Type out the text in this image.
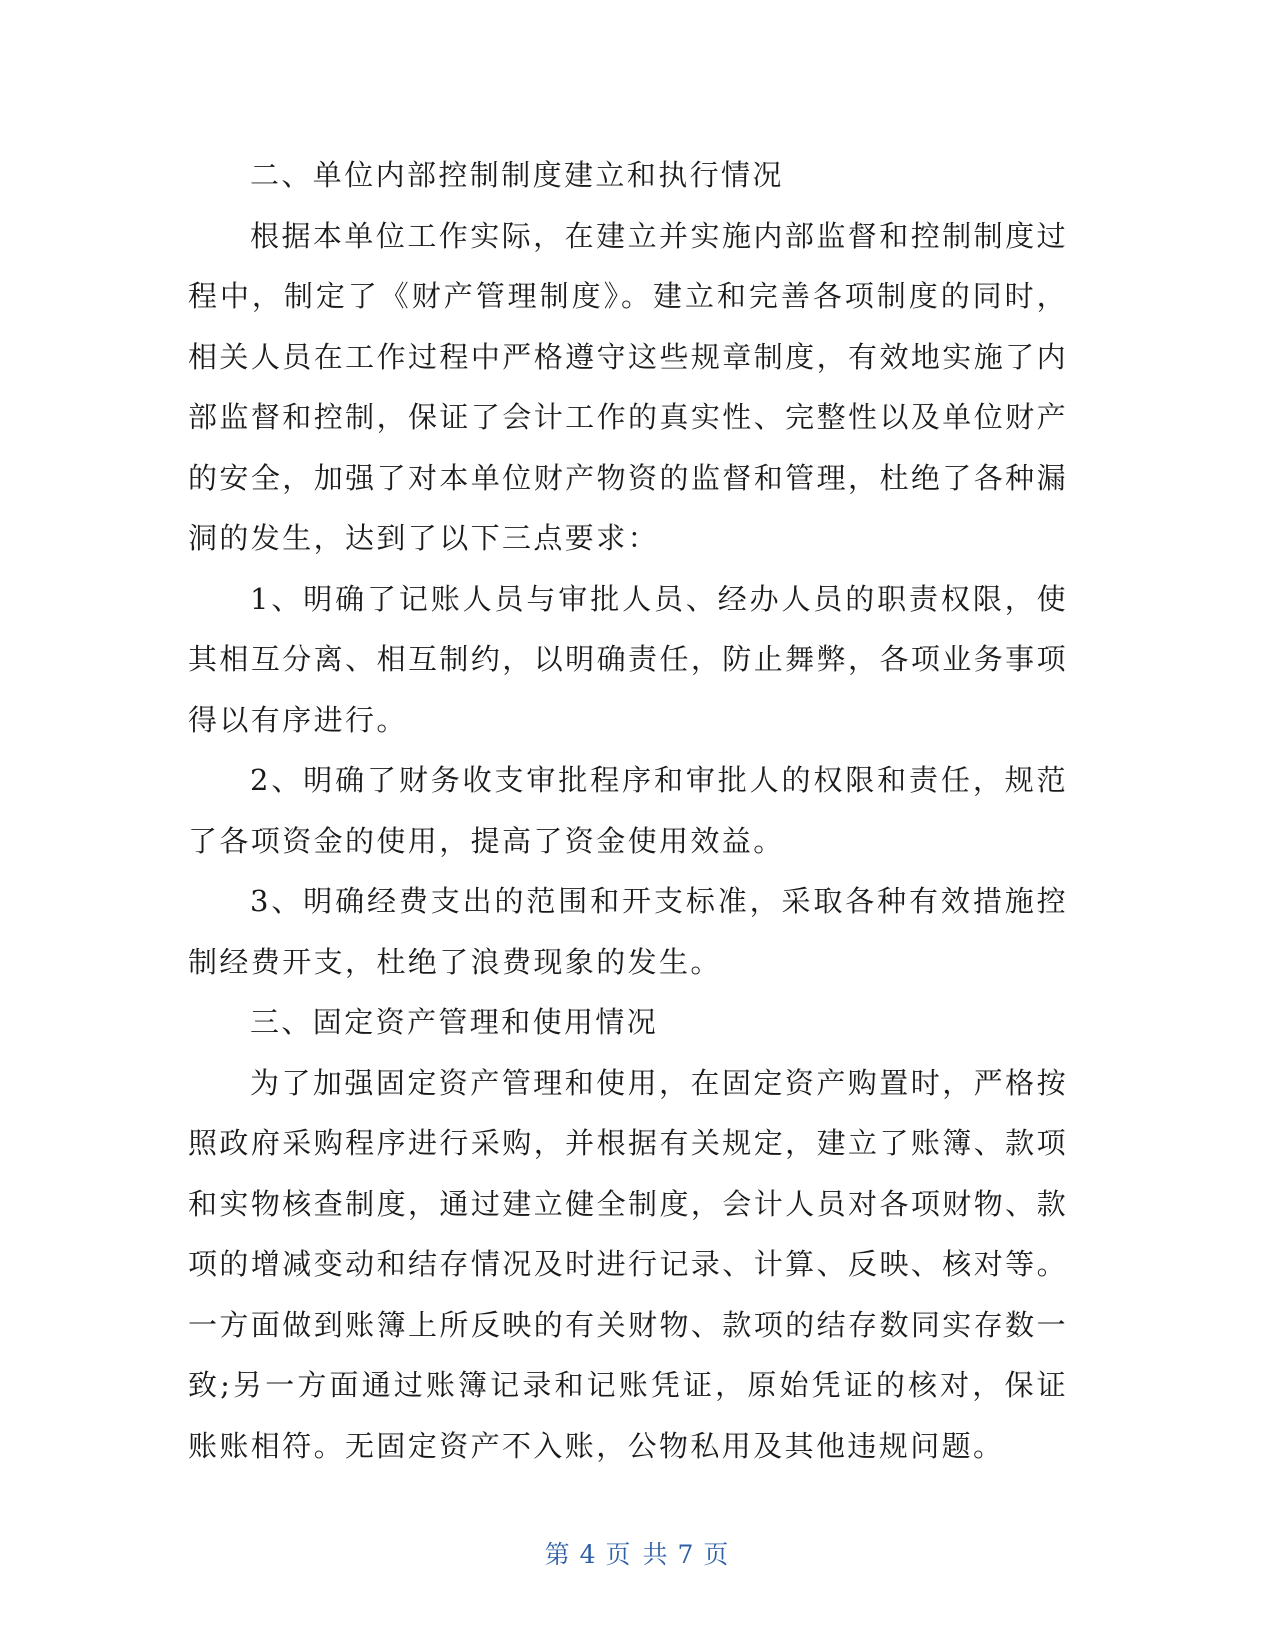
二、单位内部控制制度建立和执行情况

根据本单位工作实际，在建立并实施内部监督和控制制度过程中，制定了《财产管理制度》。建立和完善各项制度的同时，相关人员在工作过程中严格遵守这些规章制度，有效地实施了内部监督和控制，保证了会计工作的真实性、完整性以及单位财产的安全，加强了对本单位财产物资的监督和管理，杜绝了各种漏洞的发生，达到了以下三点要求：

1、明确了记账人员与审批人员、经办人员的职责权限，使其相互分离、相互制约，以明确责任，防止舞弊，各项业务事项得以有序进行。

2、明确了财务收支审批程序和审批人的权限和责任，规范了各项资金的使用，提高了资金使用效益。

3、明确经费支出的范围和开支标准，采取各种有效措施控制经费开支，杜绝了浪费现象的发生。

三、固定资产管理和使用情况

为了加强固定资产管理和使用，在固定资产购置时，严格按照政府采购程序进行采购，并根据有关规定，建立了账簿、款项和实物核查制度，通过建立健全制度，会计人员对各项财物、款项的增减变动和结存情况及时进行记录、计算、反映、核对等。一方面做到账簿上所反映的有关财物、款项的结存数同实存数一致;另一方面通过账簿记录和记账凭证，原始凭证的核对，保证账账相符。无固定资产不入账，公物私用及其他违规问题。

第 4 页 共 7 页
